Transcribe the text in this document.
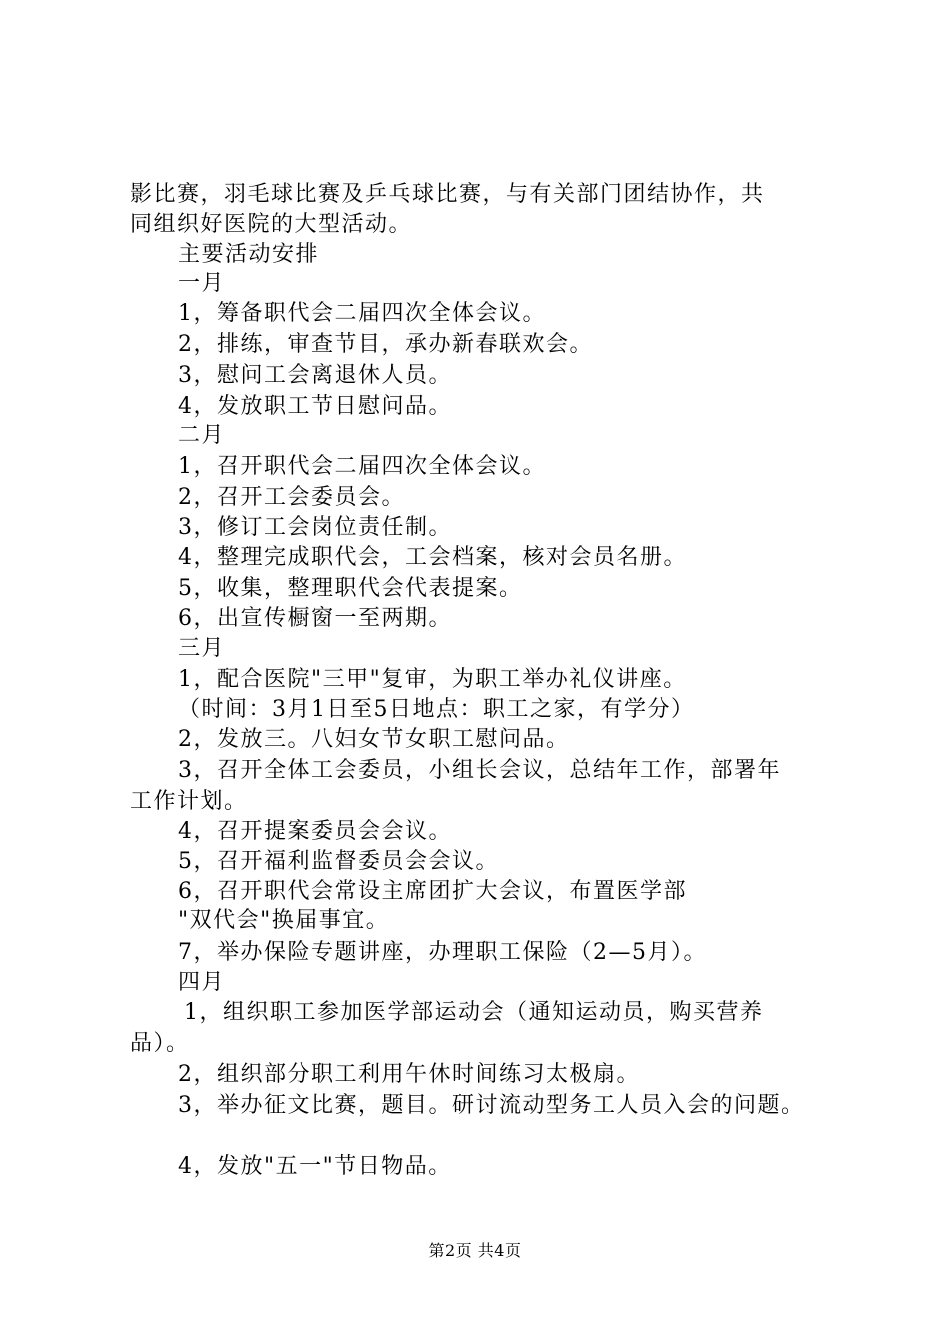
影比赛，羽毛球比赛及乒乓球比赛，与有关部门团结协作，共
同组织好医院的大型活动。
主要活动安排
一月
1，筹备职代会二届四次全体会议。
2，排练，审查节目，承办新春联欢会。
3，慰问工会离退休人员。
4，发放职工节日慰问品。
二月
1，召开职代会二届四次全体会议。
2，召开工会委员会。
3，修订工会岗位责任制。
4，整理完成职代会，工会档案，核对会员名册。
5，收集，整理职代会代表提案。
6，出宣传橱窗一至两期。
三月
1，配合医院"三甲"复审，为职工举办礼仪讲座。
（时间：3月1日至5日地点：职工之家，有学分）
2，发放三。八妇女节女职工慰问品。
3，召开全体工会委员，小组长会议，总结年工作，部署年
工作计划。
4，召开提案委员会会议。
5，召开福利监督委员会会议。
6，召开职代会常设主席团扩大会议，布置医学部
"双代会"换届事宜。
7，举办保险专题讲座，办理职工保险（2—5月）。
四月
1，组织职工参加医学部运动会（通知运动员，购买营养
品）。
2，组织部分职工利用午休时间练习太极扇。
3，举办征文比赛，题目。研讨流动型务工人员入会的问题。
4，发放"五一"节日物品。
第2页 共4页
